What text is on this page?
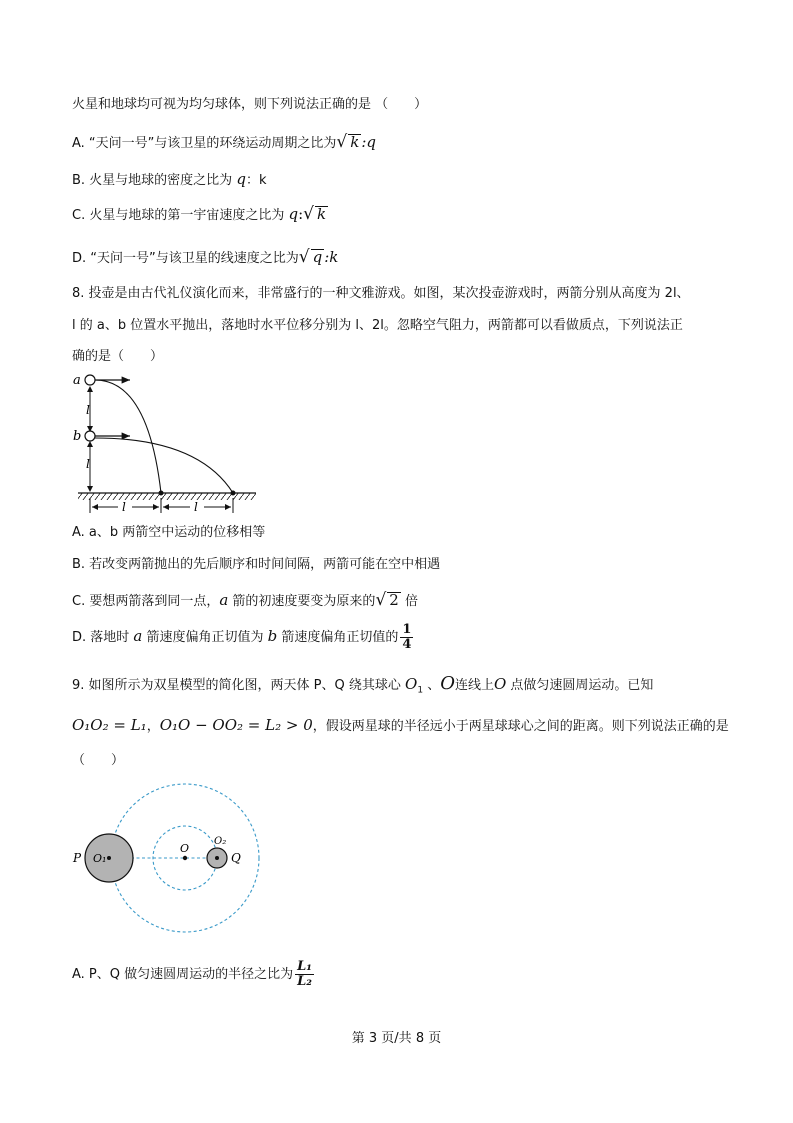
火星和地球均可视为均匀球体，则下列说法正确的是 （　　）
A. “天问一号”与该卫星的环绕运动周期之比为√ k :q
B. 火星与地球的密度之比为 q：k
C. 火星与地球的第一宇宙速度之比为 q:√ k
D. “天问一号”与该卫星的线速度之比为√ q :k
8. 投壶是由古代礼仪演化而来，非常盛行的一种文雅游戏。如图，某次投壶游戏时，两箭分别从高度为 2l、
l 的 a、b 位置水平抛出，落地时水平位移分别为 l、2l。忽略空气阻力，两箭都可以看做质点，下列说法正
确的是（　　）
l
l
a
b
l	l
A. a、b 两箭空中运动的位移相等
B. 若改变两箭抛出的先后顺序和时间间隔，两箭可能在空中相遇
C. 要想两箭落到同一点，a 箭的初速度要变为原来的√ 2 倍
D. 落地时 a 箭速度偏角正切值为 b 箭速度偏角正切值的 $\frac{1}{4}$
9. 如图所示为双星模型的简化图，两天体 P、Q 绕其球心 $O_1$ 、O连线上O 点做匀速圆周运动。已知
O₁O₂ = L₁，O₁O − OO₂ = L₂ > 0，假设两星球的半径远小于两星球球心之间的距离。则下列说法正确的是
（　　）
P O₁
O
O₂
Q
A. P、Q 做匀速圆周运动的半径之比为 $\frac{\text{L₁}}{\text{L₂}}$
第 3 页/共 8 页
